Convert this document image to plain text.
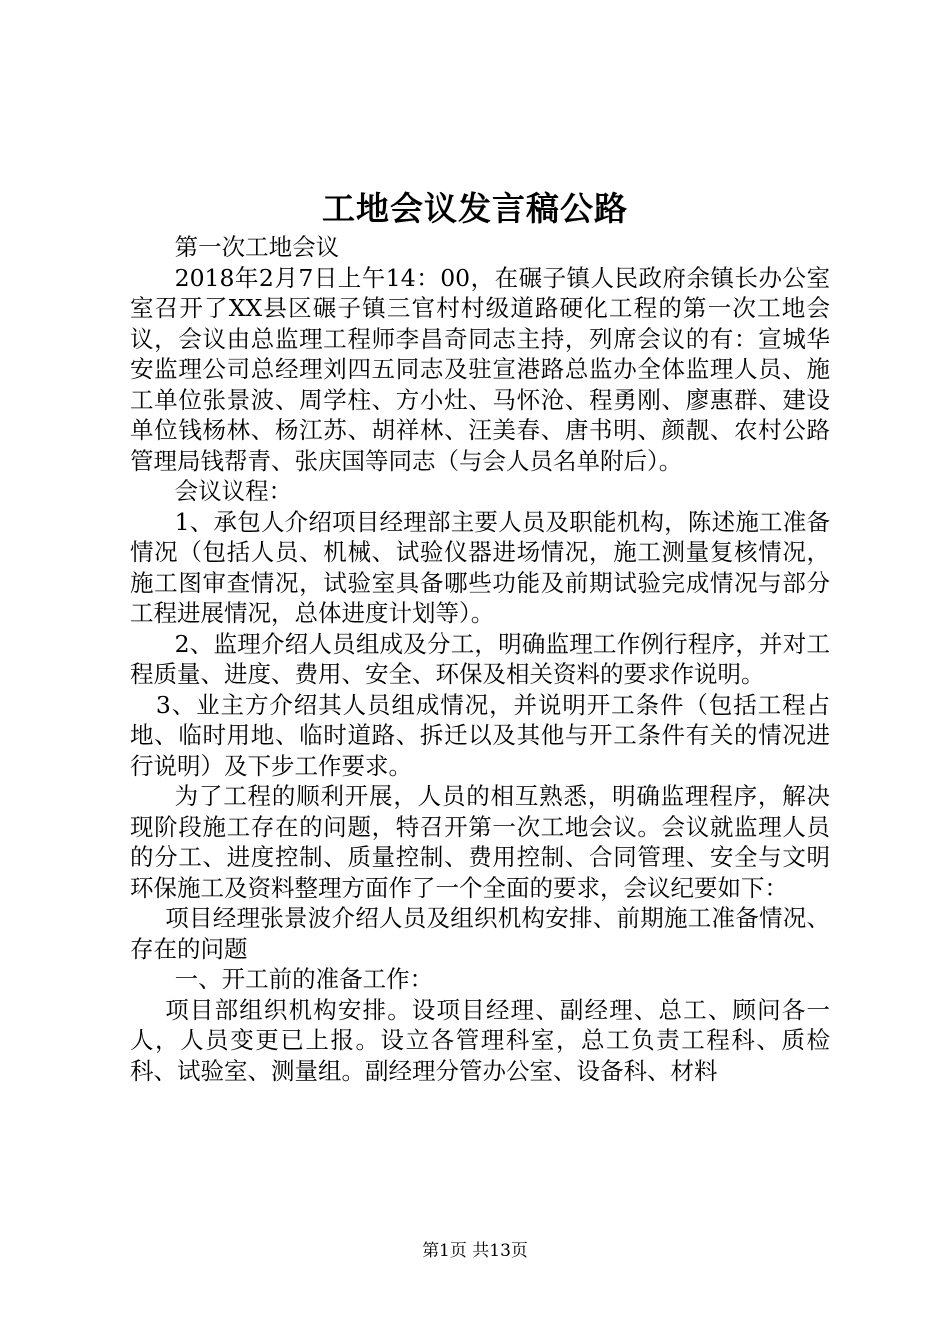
工地会议发言稿公路

第一次工地会议

2018年2月7日上午14：00，在碾子镇人民政府余镇长办公室室召开了XX县区碾子镇三官村村级道路硬化工程的第一次工地会议，会议由总监理工程师李昌奇同志主持，列席会议的有：宣城华安监理公司总经理刘四五同志及驻宣港路总监办全体监理人员、施工单位张景波、周学柱、方小灶、马怀沧、程勇刚、廖惠群、建设单位钱杨林、杨江苏、胡祥林、汪美春、唐书明、颜靓、农村公路管理局钱帮青、张庆国等同志（与会人员名单附后）。

会议议程：

1、承包人介绍项目经理部主要人员及职能机构，陈述施工准备情况（包括人员、机械、试验仪器进场情况，施工测量复核情况，施工图审查情况，试验室具备哪些功能及前期试验完成情况与部分工程进展情况，总体进度计划等）。

2、监理介绍人员组成及分工，明确监理工作例行程序，并对工程质量、进度、费用、安全、环保及相关资料的要求作说明。

3、业主方介绍其人员组成情况，并说明开工条件（包括工程占地、临时用地、临时道路、拆迁以及其他与开工条件有关的情况进行说明）及下步工作要求。

为了工程的顺利开展，人员的相互熟悉，明确监理程序，解决现阶段施工存在的问题，特召开第一次工地会议。会议就监理人员的分工、进度控制、质量控制、费用控制、合同管理、安全与文明环保施工及资料整理方面作了一个全面的要求，会议纪要如下：

项目经理张景波介绍人员及组织机构安排、前期施工准备情况、存在的问题

一、开工前的准备工作：

项目部组织机构安排。设项目经理、副经理、总工、顾问各一人，人员变更已上报。设立各管理科室，总工负责工程科、质检科、试验室、测量组。副经理分管办公室、设备科、材料

第1页 共13页
